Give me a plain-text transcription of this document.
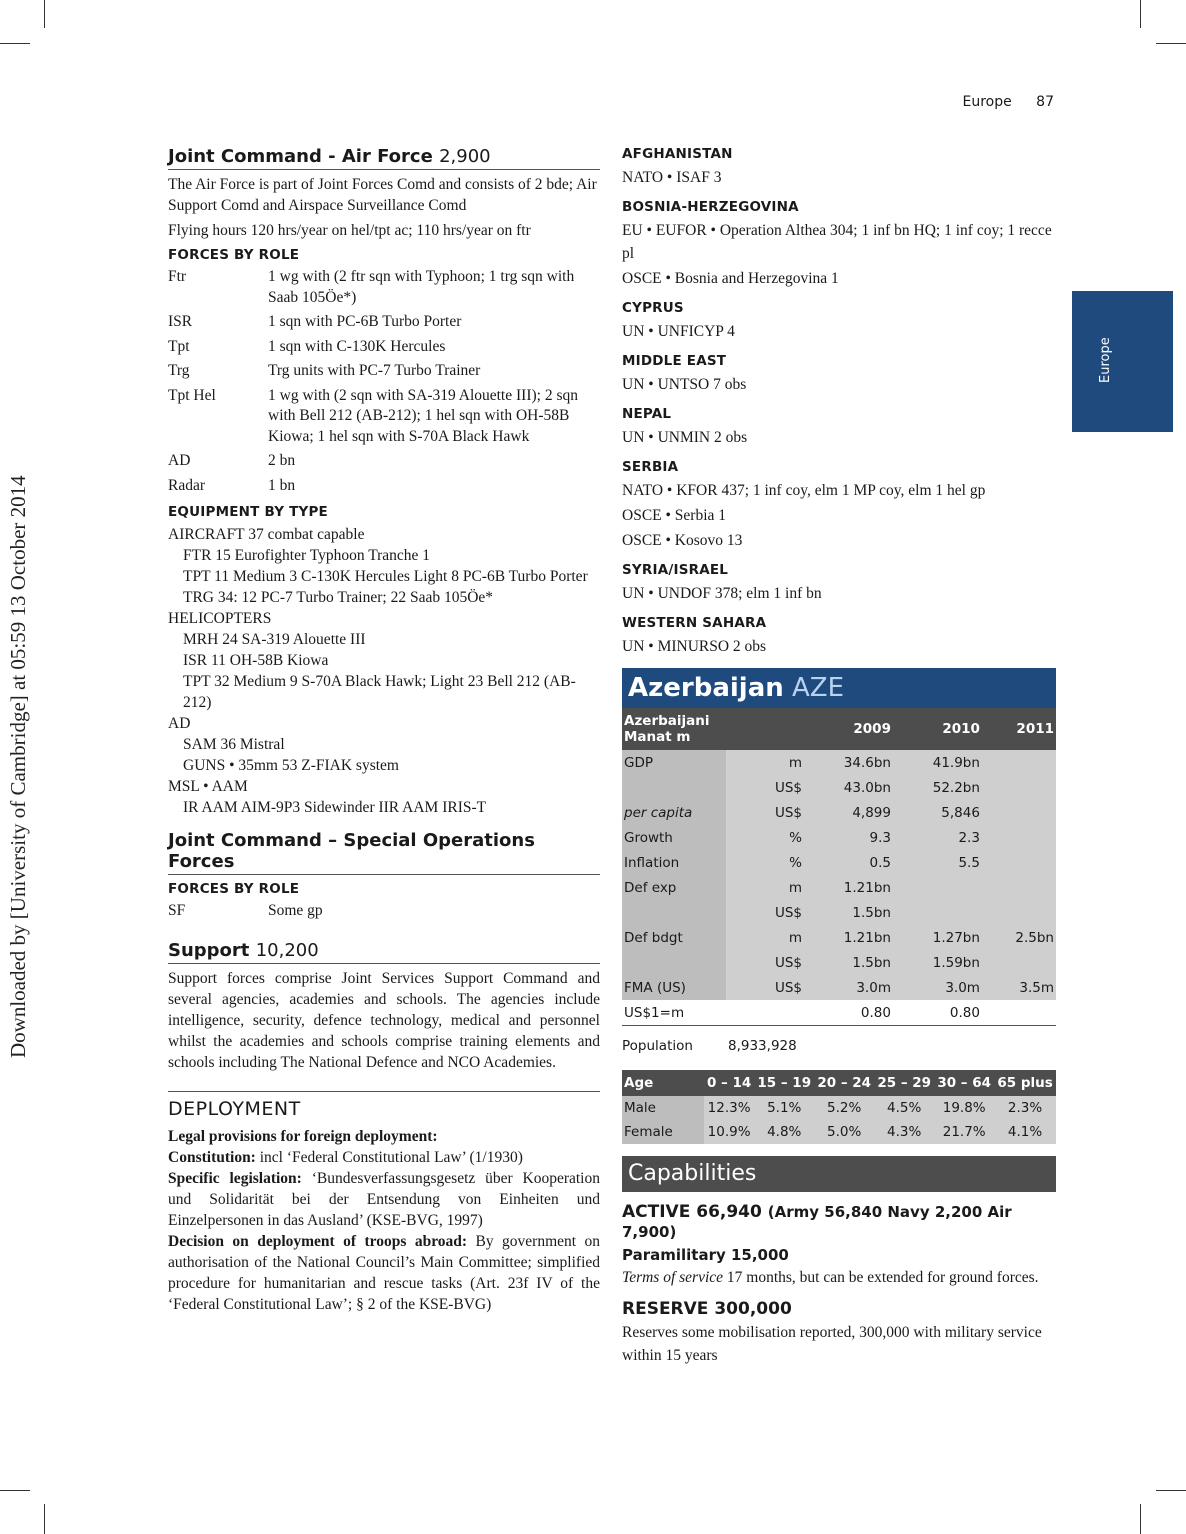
Europe 87
Europe
Downloaded by [University of Cambridge] at 05:59 13 October 2014
Joint Command - Air Force 2,900
The Air Force is part of Joint Forces Comd and consists of 2 bde; Air Support Comd and Airspace Surveillance Comd
Flying hours 120 hrs/year on hel/tpt ac; 110 hrs/year on ftr
FORCES BY ROLE
Ftr	1 wg with (2 ftr sqn with Typhoon; 1 trg sqn with Saab 105Öe*)
ISR	1 sqn with PC-6B Turbo Porter
Tpt	1 sqn with C-130K Hercules
Trg	Trg units with PC-7 Turbo Trainer
Tpt Hel	1 wg with (2 sqn with SA-319 Alouette III); 2 sqn with Bell 212 (AB-212); 1 hel sqn with OH-58B Kiowa; 1 hel sqn with S-70A Black Hawk
AD	2 bn
Radar	1 bn
EQUIPMENT BY TYPE
AIRCRAFT 37 combat capable
FTR 15 Eurofighter Typhoon Tranche 1
TPT 11 Medium 3 C-130K Hercules Light 8 PC-6B Turbo Porter
TRG 34: 12 PC-7 Turbo Trainer; 22 Saab 105Öe*
HELICOPTERS
MRH 24 SA-319 Alouette III
ISR 11 OH-58B Kiowa
TPT 32 Medium 9 S-70A Black Hawk; Light 23 Bell 212 (AB-212)
AD
SAM 36 Mistral
GUNS • 35mm 53 Z-FIAK system
MSL • AAM
IR AAM AIM-9P3 Sidewinder IIR AAM IRIS-T
Joint Command – Special Operations Forces
FORCES BY ROLE
SF	Some gp
Support 10,200
Support forces comprise Joint Services Support Command and several agencies, academies and schools. The agencies include intelligence, security, defence technology, medical and personnel whilst the academies and schools comprise training elements and schools including The National Defence and NCO Academies.
DEPLOYMENT
Legal provisions for foreign deployment:
Constitution: incl ‘Federal Constitutional Law’ (1/1930)
Specific legislation: ‘Bundesverfassungsgesetz über Kooperation und Solidarität bei der Entsendung von Einheiten und Einzelpersonen in das Ausland’ (KSE-BVG, 1997)
Decision on deployment of troops abroad: By government on authorisation of the National Council’s Main Committee; simplified procedure for humanitarian and rescue tasks (Art. 23f IV of the ‘Federal Constitutional Law’; § 2 of the KSE-BVG)
AFGHANISTAN
NATO • ISAF 3
BOSNIA-HERZEGOVINA
EU • EUFOR • Operation Althea 304; 1 inf bn HQ; 1 inf coy; 1 recce pl
OSCE • Bosnia and Herzegovina 1
CYPRUS
UN • UNFICYP 4
MIDDLE EAST
UN • UNTSO 7 obs
NEPAL
UN • UNMIN 2 obs
SERBIA
NATO • KFOR 437; 1 inf coy, elm 1 MP coy, elm 1 hel gp
OSCE • Serbia 1
OSCE • Kosovo 13
SYRIA/ISRAEL
UN • UNDOF 378; elm 1 inf bn
WESTERN SAHARA
UN • MINURSO 2 obs
Azerbaijan AZE
Azerbaijani Manat m		2009	2010	2011
GDP	m	34.6bn	41.9bn	
	US$	43.0bn	52.2bn	
per capita	US$	4,899	5,846	
Growth	%	9.3	2.3	
Inflation	%	0.5	5.5	
Def exp	m	1.21bn		
	US$	1.5bn		
Def bdgt	m	1.21bn	1.27bn	2.5bn
	US$	1.5bn	1.59bn	
FMA (US)	US$	3.0m	3.0m	3.5m
US$1=m		0.80	0.80	
Population	8,933,928
Age	0 – 14	15 – 19	20 – 24	25 – 29	30 – 64	65 plus
Male	12.3%	5.1%	5.2%	4.5%	19.8%	2.3%
Female	10.9%	4.8%	5.0%	4.3%	21.7%	4.1%
Capabilities
ACTIVE 66,940 (Army 56,840 Navy 2,200 Air 7,900)
Paramilitary 15,000
Terms of service 17 months, but can be extended for ground forces.
RESERVE 300,000
Reserves some mobilisation reported, 300,000 with military service within 15 years
